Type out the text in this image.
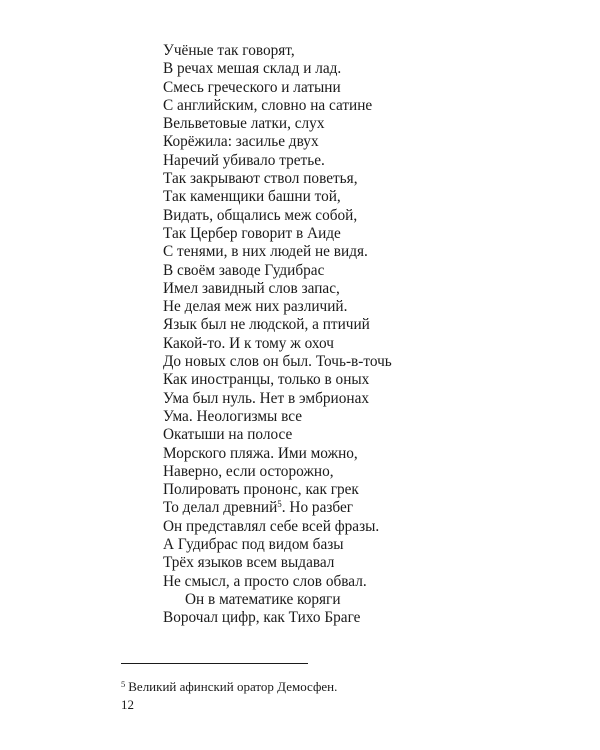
Учёные так говорят,
В речах мешая склад и лад.
Смесь греческого и латыни
С английским, словно на сатине
Вельветовые латки, слух
Корёжила: засилье двух
Наречий убивало третье.
Так закрывают ствол поветья,
Так каменщики башни той,
Видать, общались меж собой,
Так Цербер говорит в Аиде
С тенями, в них людей не видя.
В своём заводе Гудибрас
Имел завидный слов запас,
Не делая меж них различий.
Язык был не людской, а птичий
Какой-то. И к тому ж охоч
До новых слов он был. Точь-в-точь
Как иностранцы, только в оных
Ума был нуль. Нет в эмбрионах
Ума. Неологизмы все
Окатыши на полосе
Морского пляжа. Ими можно,
Наверно, если осторожно,
Полировать прононс, как грек
То делал древний$^5$. Но разбег
Он представлял себе всей фразы.
А Гудибрас под видом базы
Трёх языков всем выдавал
Не смысл, а просто слов обвал.
Он в математике коряги
Ворочал цифр, как Тихо Браге
$^5$ Великий афинский оратор Демосфен.
12
